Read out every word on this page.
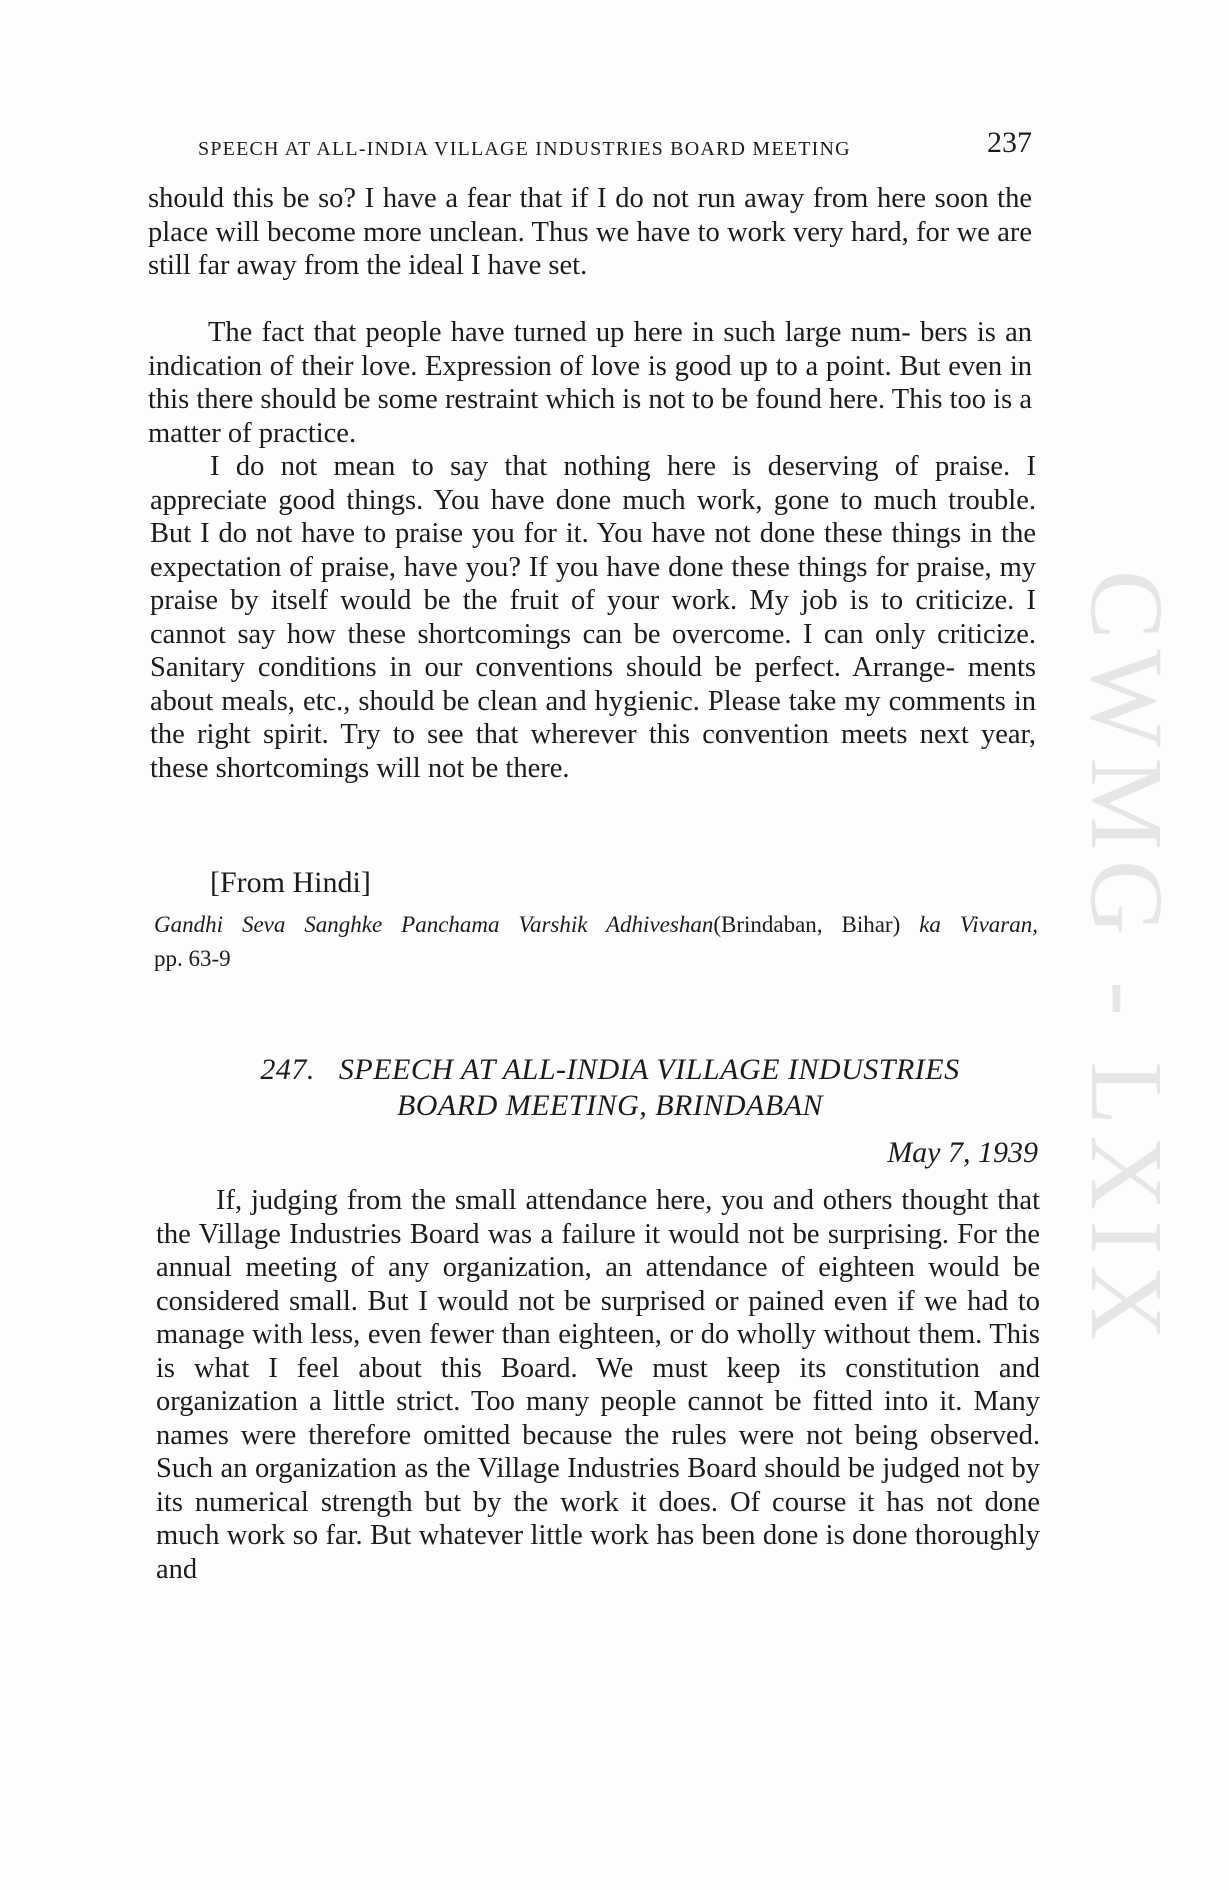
CWMG - LXIX
SPEECH AT ALL-INDIA VILLAGE INDUSTRIES BOARD MEETING	237

should this be so? I have a fear that if I do not run away from here soon the place will become more unclean. Thus we have to work very hard, for we are still far away from the ideal I have set.

The fact that people have turned up here in such large num- bers is an indication of their love. Expression of love is good up to a point. But even in this there should be some restraint which is not to be found here. This too is a matter of practice.

I do not mean to say that nothing here is deserving of praise. I appreciate good things. You have done much work, gone to much trouble. But I do not have to praise you for it. You have not done these things in the expectation of praise, have you? If you have done these things for praise, my praise by itself would be the fruit of your work. My job is to criticize. I cannot say how these shortcomings can be overcome. I can only criticize. Sanitary conditions in our conventions should be perfect. Arrange- ments about meals, etc., should be clean and hygienic. Please take my comments in the right spirit. Try to see that wherever this convention meets next year, these shortcomings will not be there.

[From Hindi]
Gandhi Seva Sanghke Panchama Varshik Adhiveshan(Brindaban, Bihar) ka Vivaran,
pp. 63-9
247. SPEECH AT ALL-INDIA VILLAGE INDUSTRIES
BOARD MEETING, BRINDABAN
May 7, 1939

If, judging from the small attendance here, you and others thought that the Village Industries Board was a failure it would not be surprising. For the annual meeting of any organization, an attendance of eighteen would be considered small. But I would not be surprised or pained even if we had to manage with less, even fewer than eighteen, or do wholly without them. This is what I feel about this Board. We must keep its constitution and organization a little strict. Too many people cannot be fitted into it. Many names were therefore omitted because the rules were not being observed. Such an organization as the Village Industries Board should be judged not by its numerical strength but by the work it does. Of course it has not done much work so far. But whatever little work has been done is done thoroughly and
